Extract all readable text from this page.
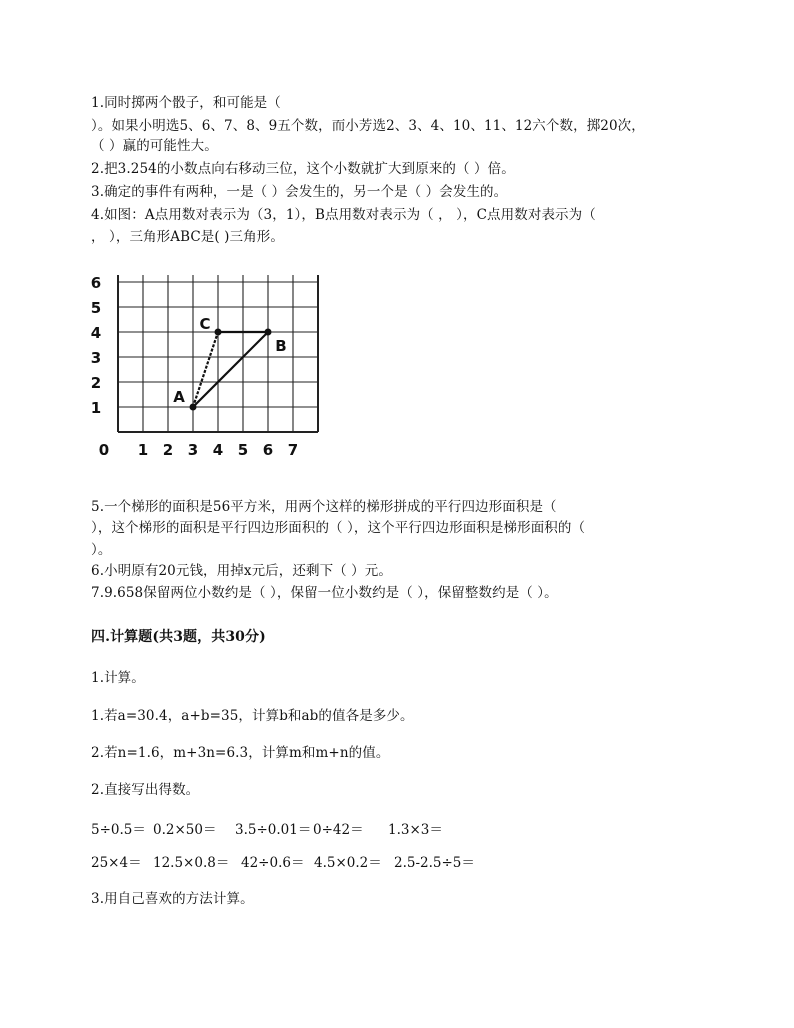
1.同时掷两个骰子，和可能是（
）。如果小明选5、6、7、8、9五个数，而小芳选2、3、4、10、11、12六个数，掷20次，
（ ）赢的可能性大。
2.把3.254的小数点向右移动三位，这个小数就扩大到原来的（ ）倍。
3.确定的事件有两种，一是（ ）会发生的，另一个是（ ）会发生的。
4.如图：A点用数对表示为（3，1），B点用数对表示为（ ， ），C点用数对表示为（
， ），三角形ABC是( )三角形。
6
5
4
3
2
1
0 1 2 3 4 5 6 7
A
B
C
5.一个梯形的面积是56平方米，用两个这样的梯形拼成的平行四边形面积是（
），这个梯形的面积是平行四边形面积的（ ），这个平行四边形面积是梯形面积的（
）。
6.小明原有20元钱，用掉x元后，还剩下（ ）元。
7.9.658保留两位小数约是（ ），保留一位小数约是（ ），保留整数约是（ ）。
四.计算题(共3题，共30分)
1.计算。
1.若a=30.4，a+b=35，计算b和ab的值各是多少。
2.若n=1.6，m+3n=6.3，计算m和m+n的值。
2.直接写出得数。
5÷0.5＝ 0.2×50＝ 3.5÷0.01＝ 0÷42＝ 1.3×3＝
25×4＝ 12.5×0.8＝ 42÷0.6＝ 4.5×0.2＝ 2.5-2.5÷5＝
3.用自己喜欢的方法计算。
